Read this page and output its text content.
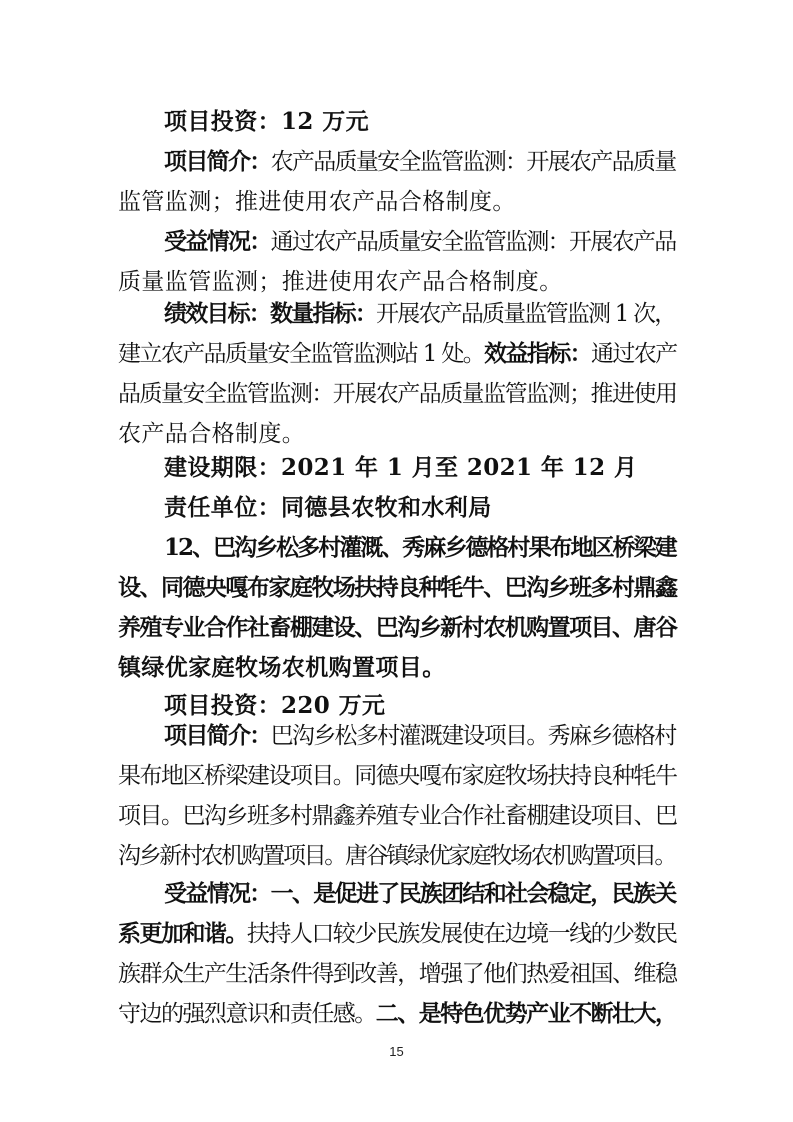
项目投资：12 万元
项目简介：农产品质量安全监管监测：开展农产品质量
监管监测；推进使用农产品合格制度。
受益情况：通过农产品质量安全监管监测：开展农产品
质量监管监测；推进使用农产品合格制度。
绩效目标：数量指标：开展农产品质量监管监测 1 次，
建立农产品质量安全监管监测站 1 处。效益指标：通过农产
品质量安全监管监测：开展农产品质量监管监测；推进使用
农产品合格制度。
建设期限：2021 年 1 月至 2021 年 12 月
责任单位：同德县农牧和水利局
12、巴沟乡松多村灌溉、秀麻乡德格村果布地区桥梁建
设、同德央嘎布家庭牧场扶持良种牦牛、巴沟乡班多村鼎鑫
养殖专业合作社畜棚建设、巴沟乡新村农机购置项目、唐谷
镇绿优家庭牧场农机购置项目。
项目投资：220 万元
项目简介：巴沟乡松多村灌溉建设项目。秀麻乡德格村
果布地区桥梁建设项目。同德央嘎布家庭牧场扶持良种牦牛
项目。巴沟乡班多村鼎鑫养殖专业合作社畜棚建设项目、巴
沟乡新村农机购置项目。唐谷镇绿优家庭牧场农机购置项目。
受益情况：一、是促进了民族团结和社会稳定，民族关
系更加和谐。扶持人口较少民族发展使在边境一线的少数民
族群众生产生活条件得到改善，增强了他们热爱祖国、维稳
守边的强烈意识和责任感。二、是特色优势产业不断壮大，
15
